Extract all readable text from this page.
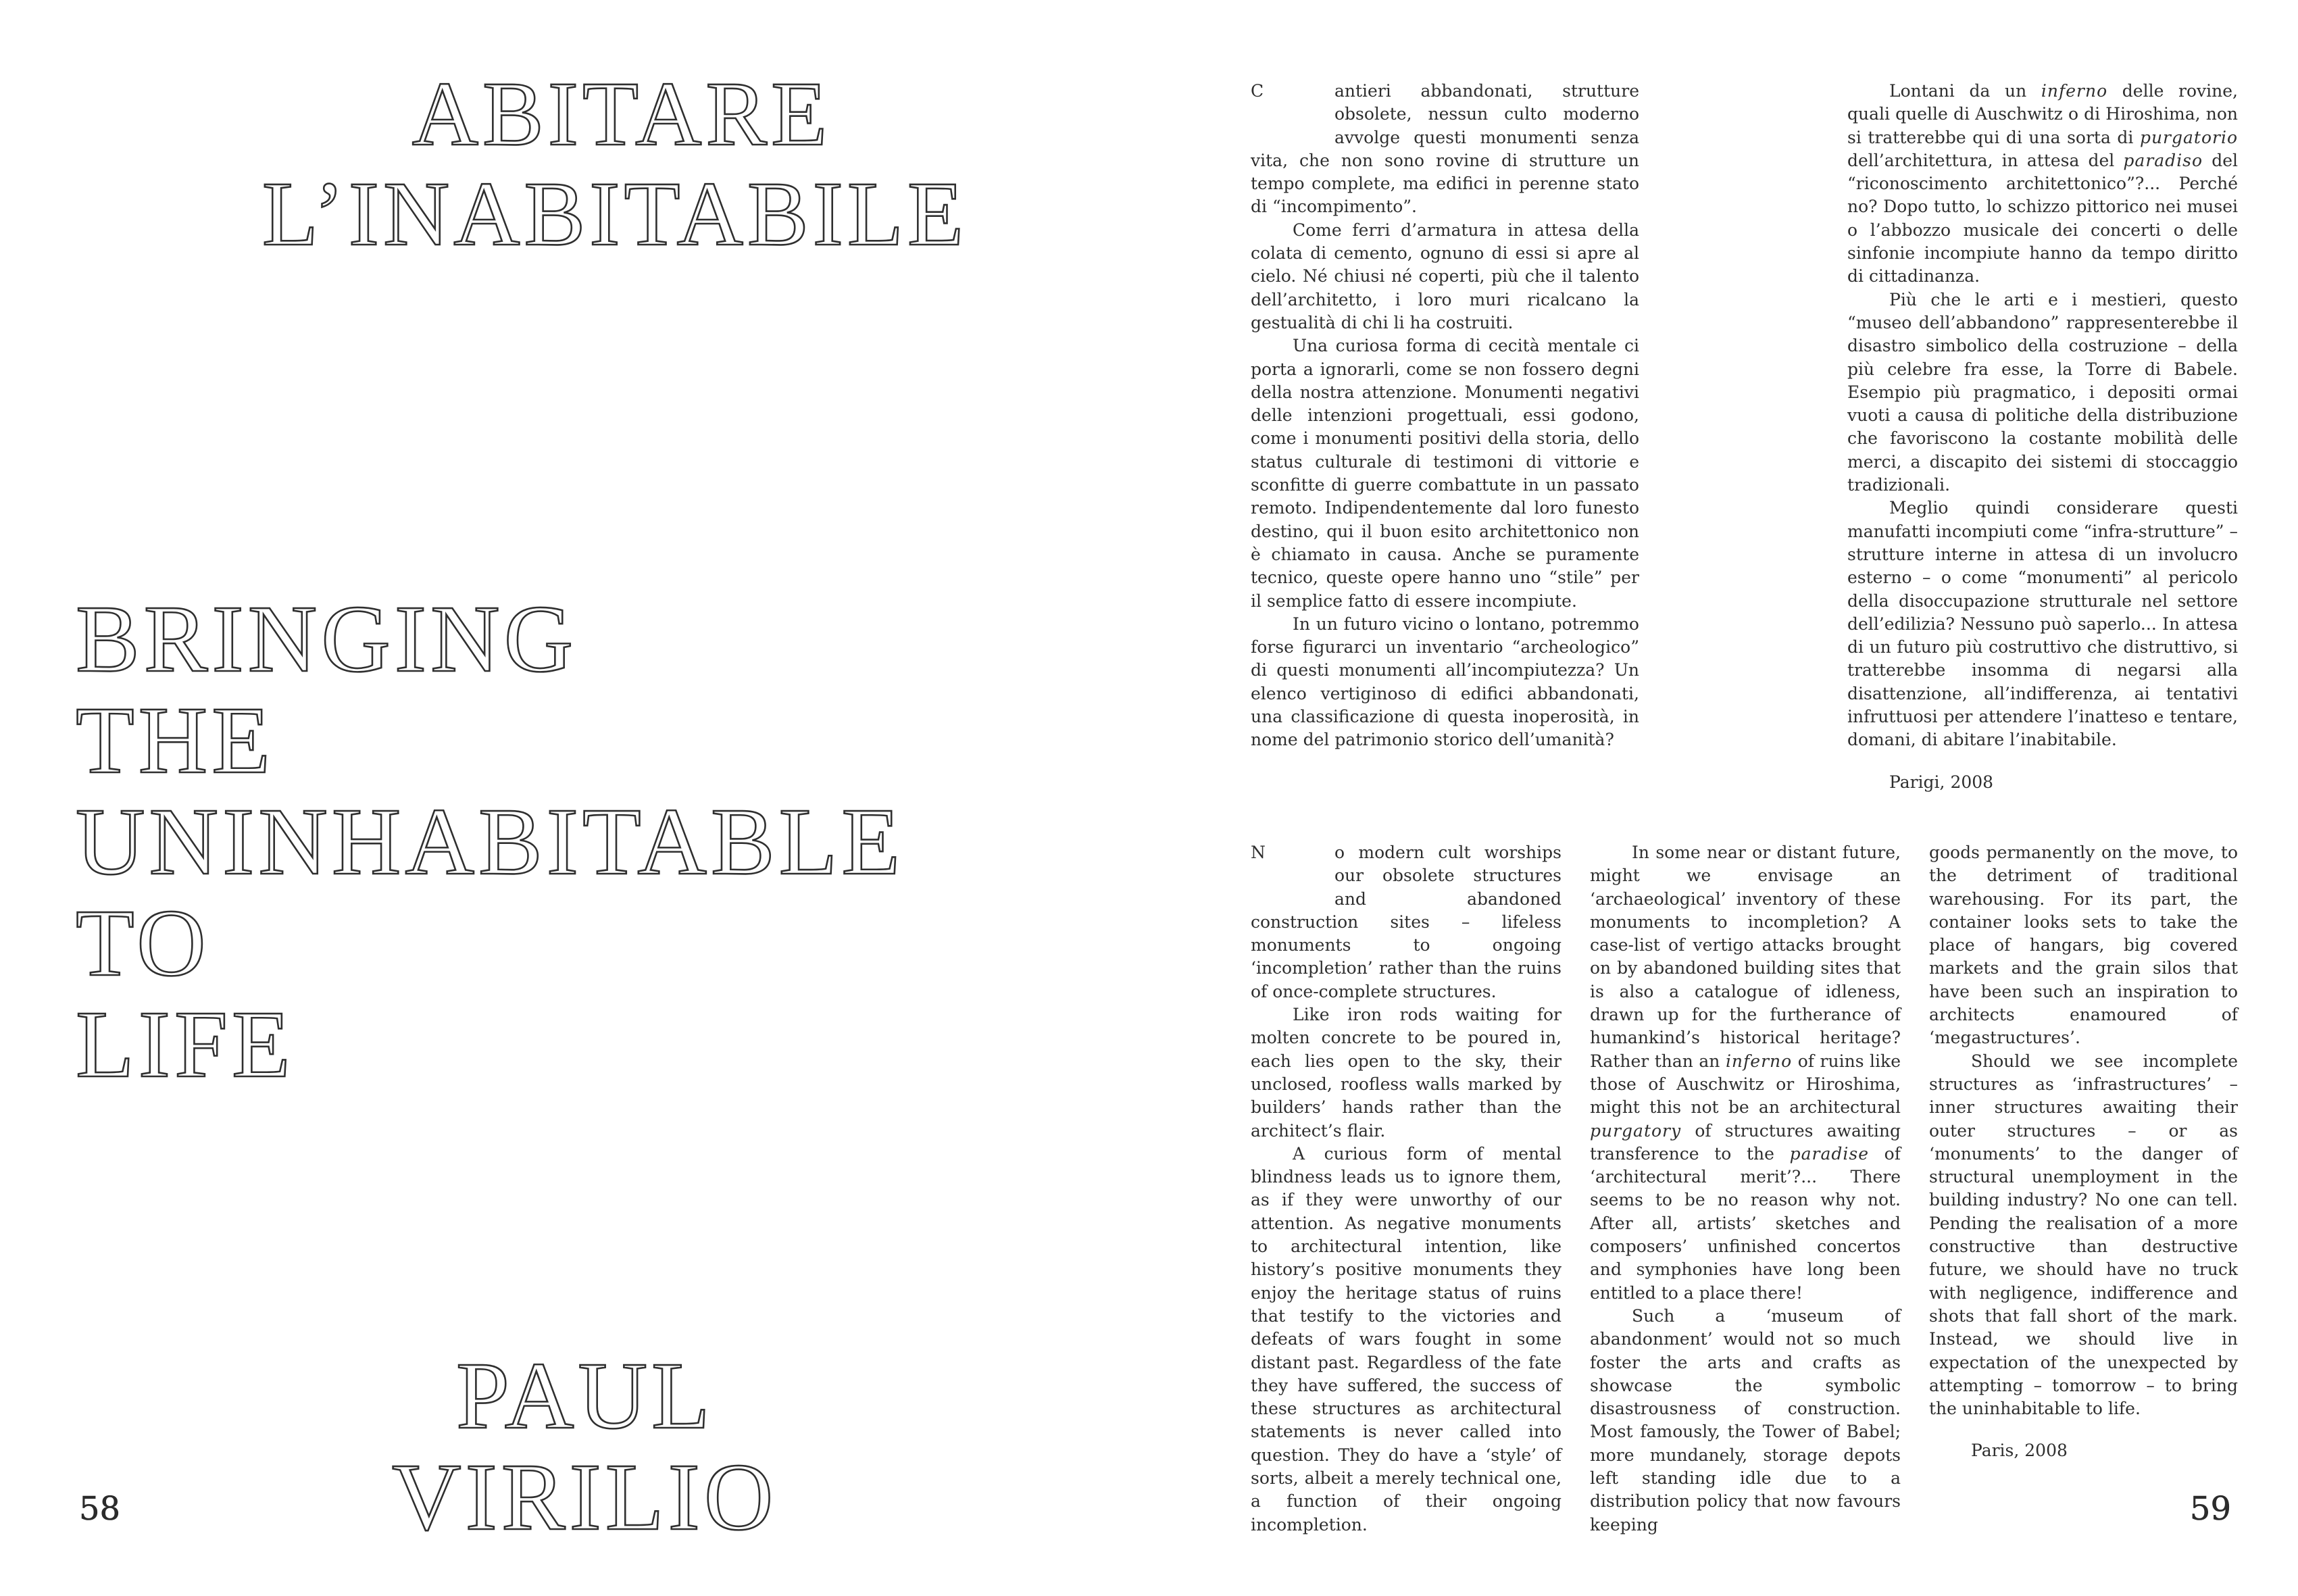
ABITARE
L’INABITABILE
BRINGING
THE
UNINHABITABLE
TO
LIFE
PAUL
VIRILIO
58

C	antieri abbandonati, strutture obsolete, nessun culto moderno avvolge questi monumenti senza vita, che non sono rovine di strutture un tempo complete, ma edifici in perenne stato di “incompimento”.

Come ferri d’armatura in attesa della colata di cemento, ognuno di essi si apre al cielo. Né chiusi né coperti, più che il talento dell’architetto, i loro muri ricalcano la gestualità di chi li ha costruiti.

Una curiosa forma di cecità mentale ci porta a ignorarli, come se non fossero degni della nostra attenzione. Monumenti negativi delle intenzioni progettuali, essi godono, come i monumenti positivi della storia, dello status culturale di testimoni di vittorie e sconfitte di guerre combattute in un passato remoto. Indipendentemente dal loro funesto destino, qui il buon esito architettonico non è chiamato in causa. Anche se puramente tecnico, queste opere hanno uno “stile” per il semplice fatto di essere incompiute.

In un futuro vicino o lontano, potremmo forse figurarci un inventario “archeologico” di questi monumenti all’incompiutezza? Un elenco vertiginoso di edifici abbandonati, una classificazione di questa inoperosità, in nome del patrimonio storico dell’umanità?

Lontani da un inferno delle rovine, quali quelle di Auschwitz o di Hiroshima, non si tratterebbe qui di una sorta di purgatorio dell’architettura, in attesa del paradiso del “riconoscimento architettonico”?... Perché no? Dopo tutto, lo schizzo pittorico nei musei o l’abbozzo musicale dei concerti o delle sinfonie incompiute hanno da tempo diritto di cittadinanza.

Più che le arti e i mestieri, questo “museo dell’abbandono” rappresenterebbe il disastro simbolico della costruzione – della più celebre fra esse, la Torre di Babele. Esempio più pragmatico, i depositi ormai vuoti a causa di politiche della distribuzione che favoriscono la costante mobilità delle merci, a discapito dei sistemi di stoccaggio tradizionali.

Meglio quindi considerare questi manufatti incompiuti come “infra-strutture” – strutture interne in attesa di un involucro esterno – o come “monumenti” al pericolo della disoccupazione strutturale nel settore dell’edilizia? Nessuno può saperlo... In attesa di un futuro più costruttivo che distruttivo, si tratterebbe insomma di negarsi alla disattenzione, all’indifferenza, ai tentativi infruttuosi per attendere l’inatteso e tentare, domani, di abitare l’inabitabile.

Parigi, 2008

N	o modern cult worships our obsolete structures and abandoned construction sites – lifeless monuments to ongoing ‘incompletion’ rather than the ruins of once-complete structures.

Like iron rods waiting for molten concrete to be poured in, each lies open to the sky, their unclosed, roofless walls marked by builders’ hands rather than the architect’s flair.

A curious form of mental blindness leads us to ignore them, as if they were unworthy of our attention. As negative monuments to architectural intention, like history’s positive monuments they enjoy the heritage status of ruins that testify to the victories and defeats of wars fought in some distant past. Regardless of the fate they have suffered, the success of these structures as architectural statements is never called into question. They do have a ‘style’ of sorts, albeit a merely technical one, a function of their ongoing incompletion.

In some near or distant future, might we envisage an ‘archaeological’ inventory of these monuments to incompletion? A case-list of vertigo attacks brought on by abandoned building sites that is also a catalogue of idleness, drawn up for the furtherance of humankind’s historical heritage? Rather than an inferno of ruins like those of Auschwitz or Hiroshima, might this not be an architectural purgatory of structures awaiting transference to the paradise of ‘architectural merit’?... There seems to be no reason why not. After all, artists’ sketches and composers’ unfinished concertos and symphonies have long been entitled to a place there!

Such a ‘museum of abandonment’ would not so much foster the arts and crafts as showcase the symbolic disastrousness of construction. Most famously, the Tower of Babel; more mundanely, storage depots left standing idle due to a distribution policy that now favours keeping

goods permanently on the move, to the detriment of traditional warehousing. For its part, the container looks sets to take the place of hangars, big covered markets and the grain silos that have been such an inspiration to architects enamoured of ‘megastructures’.

Should we see incomplete structures as ‘infrastructures’ – inner structures awaiting their outer structures – or as ‘monuments’ to the danger of structural unemployment in the building industry? No one can tell. Pending the realisation of a more constructive than destructive future, we should have no truck with negligence, indifference and shots that fall short of the mark. Instead, we should live in expectation of the unexpected by attempting – tomorrow – to bring the uninhabitable to life.

Paris, 2008

59
